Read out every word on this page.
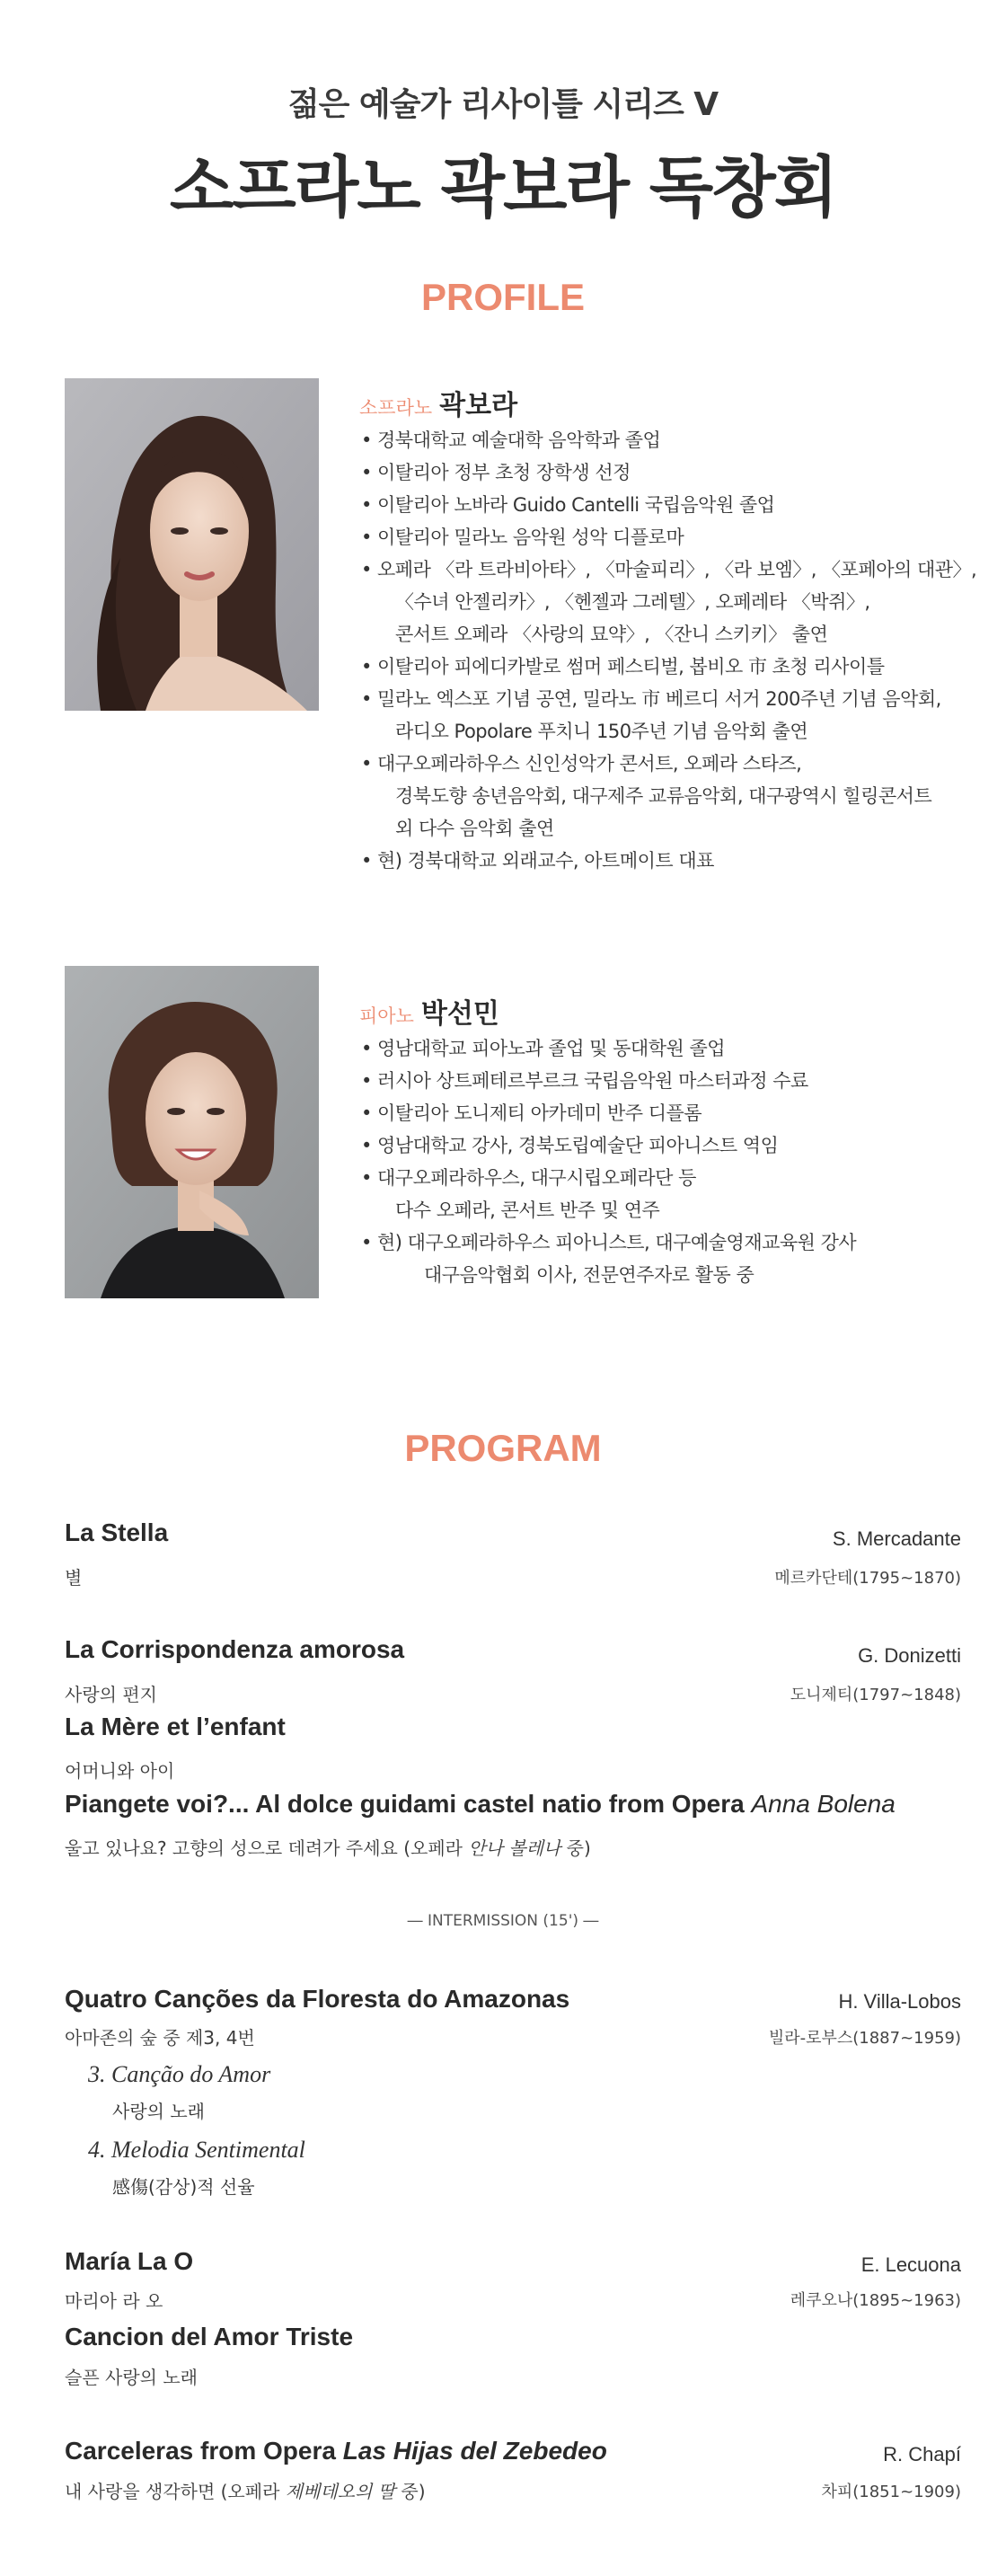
젊은 예술가 리사이틀 시리즈 V
소프라노 곽보라 독창회
PROFILE
소프라노 곽보라
• 경북대학교 예술대학 음악학과 졸업
• 이탈리아 정부 초청 장학생 선정
• 이탈리아 노바라 Guido Cantelli 국립음악원 졸업
• 이탈리아 밀라노 음악원 성악 디플로마
• 오페라 〈라 트라비아타〉, 〈마술피리〉, 〈라 보엠〉, 〈포페아의 대관〉,
〈수녀 안젤리카〉, 〈헨젤과 그레텔〉, 오페레타 〈박쥐〉,
콘서트 오페라 〈사랑의 묘약〉, 〈잔니 스키키〉 출연
• 이탈리아 피에디카발로 썸머 페스티벌, 봅비오 市 초청 리사이틀
• 밀라노 엑스포 기념 공연, 밀라노 市 베르디 서거 200주년 기념 음악회,
라디오 Popolare 푸치니 150주년 기념 음악회 출연
• 대구오페라하우스 신인성악가 콘서트, 오페라 스타즈,
경북도향 송년음악회, 대구제주 교류음악회, 대구광역시 힐링콘서트
외 다수 음악회 출연
• 현) 경북대학교 외래교수, 아트메이트 대표
피아노 박선민
• 영남대학교 피아노과 졸업 및 동대학원 졸업
• 러시아 상트페테르부르크 국립음악원 마스터과정 수료
• 이탈리아 도니제티 아카데미 반주 디플롬
• 영남대학교 강사, 경북도립예술단 피아니스트 역임
• 대구오페라하우스, 대구시립오페라단 등
다수 오페라, 콘서트 반주 및 연주
• 현) 대구오페라하우스 피아니스트, 대구예술영재교육원 강사
대구음악협회 이사, 전문연주자로 활동 중
PROGRAM
La Stella
별
S. Mercadante
메르카단테(1795~1870)
La Corrispondenza amorosa
사랑의 편지
G. Donizetti
도니제티(1797~1848)
La Mère et l’enfant
어머니와 아이
Piangete voi?... Al dolce guidami castel natio from Opera Anna Bolena
울고 있나요? 고향의 성으로 데려가 주세요 (오페라 안나 볼레나 중)
― INTERMISSION (15') ―
Quatro Canções da Floresta do Amazonas
아마존의 숲 중 제3, 4번
H. Villa-Lobos
빌라-로부스(1887~1959)
3. Canção do Amor
사랑의 노래
4. Melodia Sentimental
感傷(감상)적 선율
María La O
마리아 라 오
E. Lecuona
레쿠오나(1895~1963)
Cancion del Amor Triste
슬픈 사랑의 노래
Carceleras from Opera Las Hijas del Zebedeo
내 사랑을 생각하면 (오페라 제베데오의 딸 중)
R. Chapí
차피(1851~1909)
